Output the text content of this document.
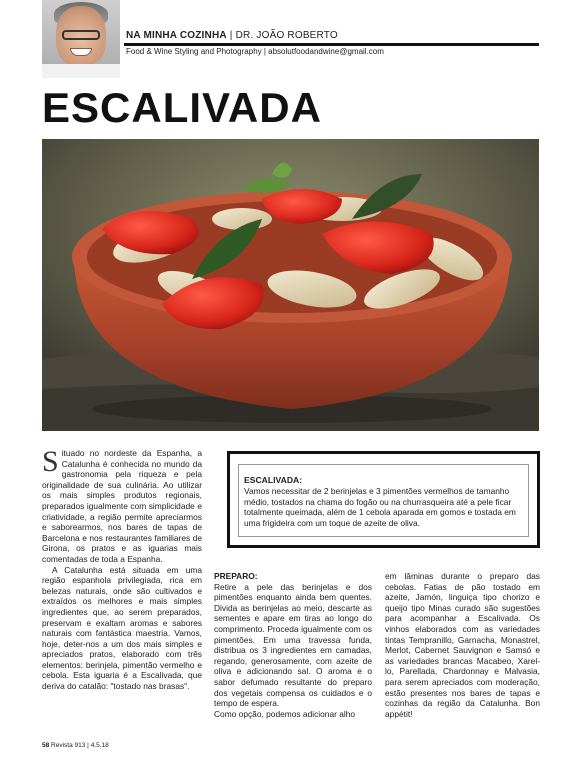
NA MINHA COZINHA | DR. JOÃO ROBERTO
Food & Wine Styling and Photography | absolutfoodandwine@gmail.com
ESCALIVADA

Situado no nordeste da Espanha, a Catalunha é conhecida no mundo da gastronomia pela riqueza e pela originalidade de sua culinária. Ao utilizar os mais simples produtos regionais, preparados igualmente com simplicidade e criatividade, a região permite apreciarmos e saborearmos, nos bares de tapas de Barcelona e nos restaurantes familiares de Girona, os pratos e as iguarias mais comentadas de toda a Espanha.

A Catalunha está situada em uma região espanhola privilegiada, rica em belezas naturais, onde são cultivados e extraídos os melhores e mais simples ingredientes que, ao serem preparados, preservam e exaltam aromas e sabores naturais com fantástica maestria. Vamos, hoje, deter-nos a um dos mais simples e apreciados pratos, elaborado com três elementos: berinjela, pimentão vermelho e cebola. Esta iguaria é a Escalivada, que deriva do catalão: "tostado nas brasas".

ESCALIVADA:
Vamos necessitar de 2 berinjelas e 3 pimentões vermelhos de tamanho médio, tostados na chama do fogão ou na churrasqueira até a pele ficar totalmente queimada, além de 1 cebola aparada em gomos e tostada em uma frigideira com um toque de azeite de oliva.

PREPARO:

Retire a pele das berinjelas e dos pimentões enquanto ainda bem quentes. Divida as berinjelas ao meio, descarte as sementes e apare em tiras ao longo do comprimento. Proceda igualmente com os pimentões. Em uma travessa funda, distribua os 3 ingredientes em camadas, regando, generosamente, com azeite de oliva e adicionando sal. O aroma e o sabor defumado resultante do preparo dos vegetais compensa os cuidados e o tempo de espera.

Como opção, podemos adicionar alho

em lâminas durante o preparo das cebolas. Fatias de pão tostado em azeite, Jamón, linguiça tipo chorizo e queijo tipo Minas curado são sugestões para acompanhar a Escalivada. Os vinhos elaborados com as variedades tintas Tempranillo, Garnacha, Monastrel, Merlot, Cabernet Sauvignon e Samsó e as variedades brancas Macabeo, Xarel-lo, Parellada, Chardonnay e Malvasia, para serem apreciados com moderação, estão presentes nos bares de tapas e cozinhas da região da Catalunha. Bon appétit!

58 Revista 913 | 4.5.18
